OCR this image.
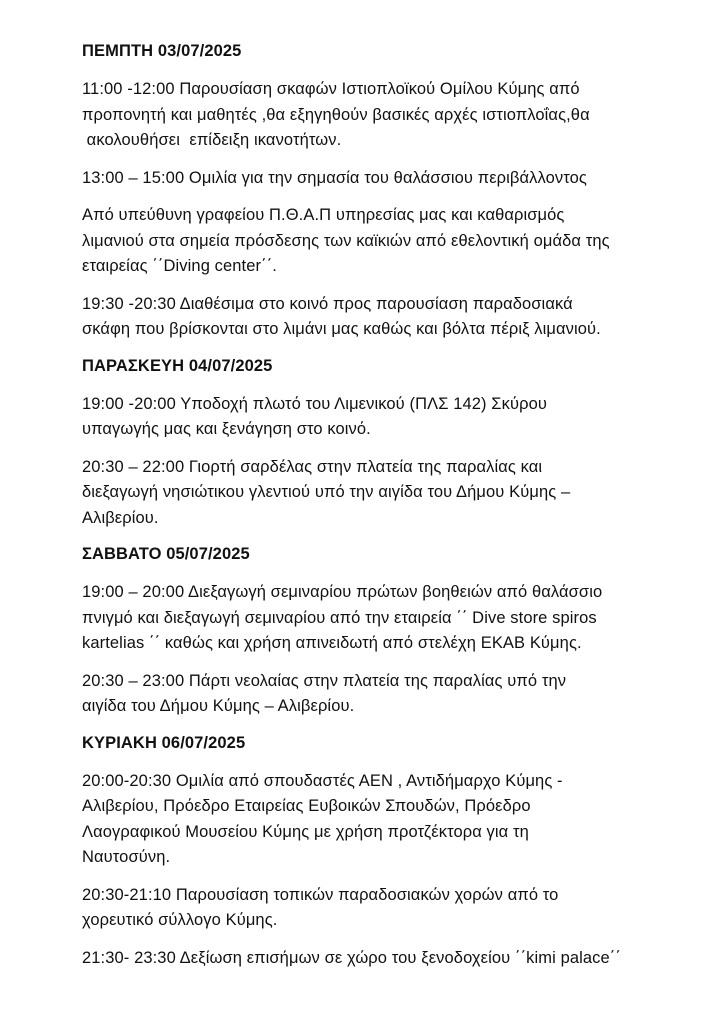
ΠΕΜΠΤΗ 03/07/2025

11:00 -12:00 Παρουσίαση σκαφών Ιστιοπλοϊκού Ομίλου Κύμης από
προπονητή και μαθητές ,θα εξηγηθούν βασικές αρχές ιστιοπλοΐας,θα
ακολουθήσει  επίδειξη ικανοτήτων.

13:00 – 15:00 Ομιλία για την σημασία του θαλάσσιου περιβάλλοντος

Από υπεύθυνη γραφείου Π.Θ.Α.Π υπηρεσίας μας και καθαρισμός
λιμανιού στα σημεία πρόσδεσης των καϊκιών από εθελοντική ομάδα της
εταιρείας ΄΄Diving center΄΄.

19:30 -20:30 Διαθέσιμα στο κοινό προς παρουσίαση παραδοσιακά
σκάφη που βρίσκονται στο λιμάνι μας καθώς και βόλτα πέριξ λιμανιού.

ΠΑΡΑΣΚΕΥΗ 04/07/2025

19:00 -20:00 Υποδοχή πλωτό του Λιμενικού (ΠΛΣ 142) Σκύρου
υπαγωγής μας και ξενάγηση στο κοινό.

20:30 – 22:00 Γιορτή σαρδέλας στην πλατεία της παραλίας και
διεξαγωγή νησιώτικου γλεντιού υπό την αιγίδα του Δήμου Κύμης –
Αλιβερίου.

ΣΑΒΒΑΤΟ 05/07/2025

19:00 – 20:00 Διεξαγωγή σεμιναρίου πρώτων βοηθειών από θαλάσσιο
πνιγμό και διεξαγωγή σεμιναρίου από την εταιρεία ΄΄ Dive store spiros
kartelias ΄΄ καθώς και χρήση απινειδωτή από στελέχη ΕΚΑΒ Κύμης.

20:30 – 23:00 Πάρτι νεολαίας στην πλατεία της παραλίας υπό την
αιγίδα του Δήμου Κύμης – Αλιβερίου.

ΚΥΡΙΑΚΗ 06/07/2025

20:00-20:30 Ομιλία από σπουδαστές ΑΕΝ , Αντιδήμαρχο Κύμης -
Αλιβερίου, Πρόεδρο Εταιρείας Ευβοικών Σπουδών, Πρόεδρο
Λαογραφικού Μουσείου Κύμης με χρήση προτζέκτορα για τη
Ναυτοσύνη.

20:30-21:10 Παρουσίαση τοπικών παραδοσιακών χορών από το
χορευτικό σύλλογο Κύμης.

21:30- 23:30 Δεξίωση επισήμων σε χώρο του ξενοδοχείου ΄΄kimi palace΄΄
